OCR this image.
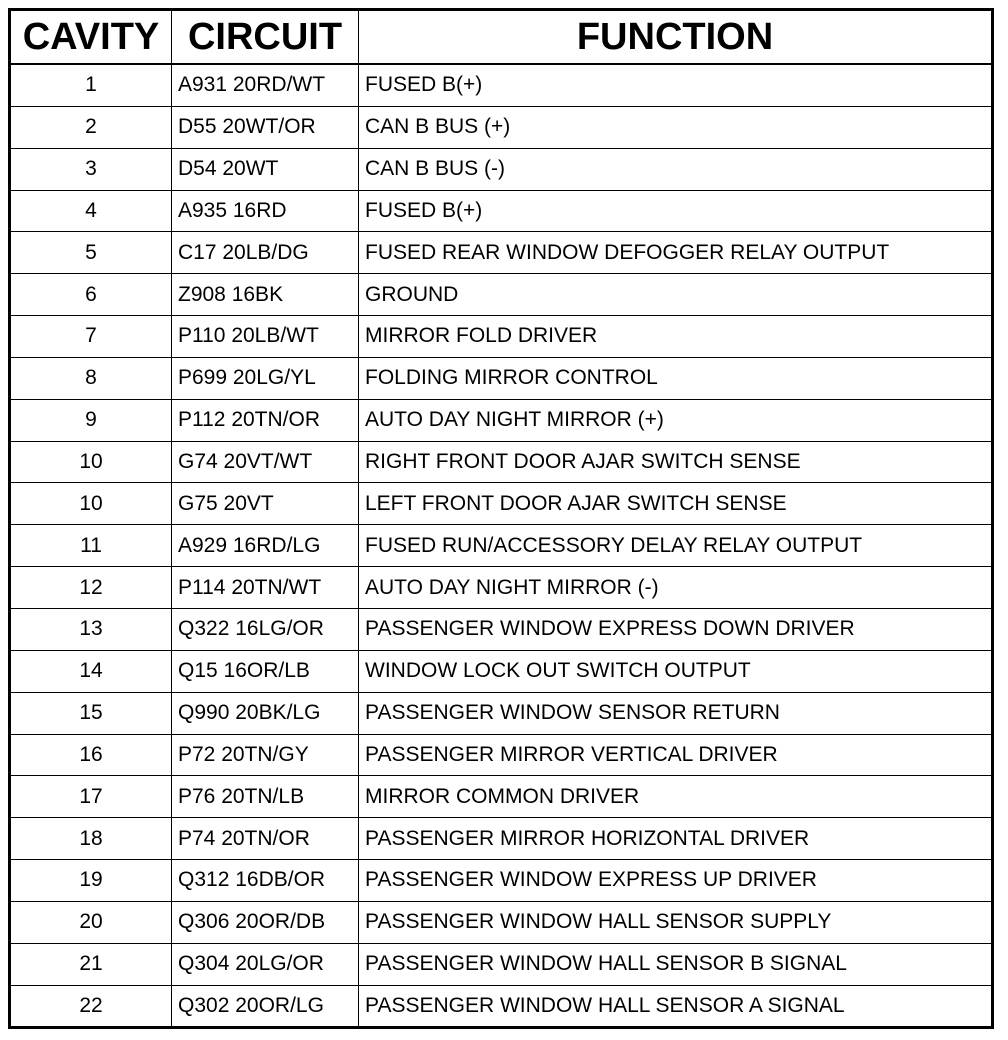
CAVITY	CIRCUIT	FUNCTION
1	A931 20RD/WT	FUSED B(+)
2	D55 20WT/OR	CAN B BUS (+)
3	D54 20WT	CAN B BUS (-)
4	A935 16RD	FUSED B(+)
5	C17 20LB/DG	FUSED REAR WINDOW DEFOGGER RELAY OUTPUT
6	Z908 16BK	GROUND
7	P110 20LB/WT	MIRROR FOLD DRIVER
8	P699 20LG/YL	FOLDING MIRROR CONTROL
9	P112 20TN/OR	AUTO DAY NIGHT MIRROR (+)
10	G74 20VT/WT	RIGHT FRONT DOOR AJAR SWITCH SENSE
10	G75 20VT	LEFT FRONT DOOR AJAR SWITCH SENSE
11	A929 16RD/LG	FUSED RUN/ACCESSORY DELAY RELAY OUTPUT
12	P114 20TN/WT	AUTO DAY NIGHT MIRROR (-)
13	Q322 16LG/OR	PASSENGER WINDOW EXPRESS DOWN DRIVER
14	Q15 16OR/LB	WINDOW LOCK OUT SWITCH OUTPUT
15	Q990 20BK/LG	PASSENGER WINDOW SENSOR RETURN
16	P72 20TN/GY	PASSENGER MIRROR VERTICAL DRIVER
17	P76 20TN/LB	MIRROR COMMON DRIVER
18	P74 20TN/OR	PASSENGER MIRROR HORIZONTAL DRIVER
19	Q312 16DB/OR	PASSENGER WINDOW EXPRESS UP DRIVER
20	Q306 20OR/DB	PASSENGER WINDOW HALL SENSOR SUPPLY
21	Q304 20LG/OR	PASSENGER WINDOW HALL SENSOR B SIGNAL
22	Q302 20OR/LG	PASSENGER WINDOW HALL SENSOR A SIGNAL
